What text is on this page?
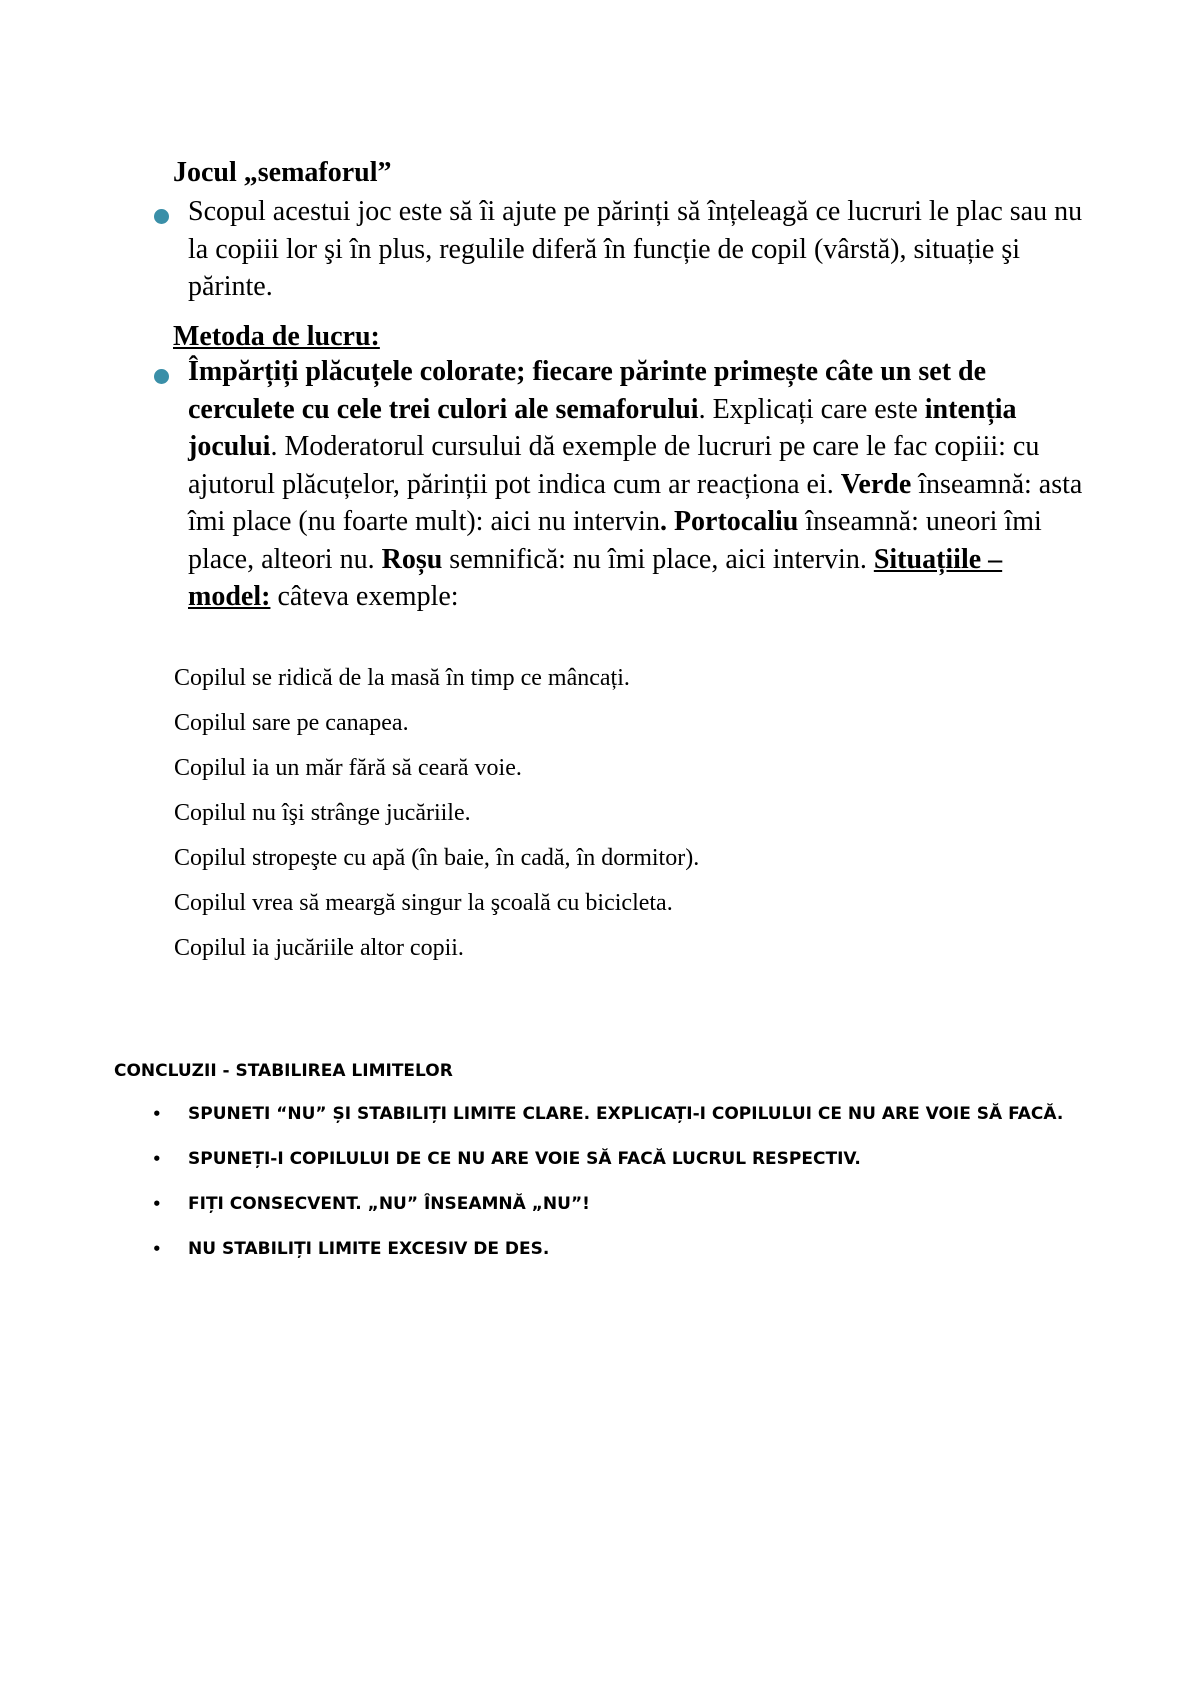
Jocul „semaforul”
Scopul acestui joc este să îi ajute pe părinți să înțeleagă ce lucruri le plac sau nu la copiii lor şi în plus, regulile diferă în funcție de copil (vârstă), situație şi părinte.
Metoda de lucru:
Împărțiți plăcuțele colorate; fiecare părinte primește câte un set de cerculete cu cele trei culori ale semaforului. Explicați care este intenția jocului. Moderatorul cursului dă exemple de lucruri pe care le fac copiii: cu ajutorul plăcuțelor, părinții pot indica cum ar reacționa ei. Verde înseamnă: asta îmi place (nu foarte mult): aici nu intervin. Portocaliu înseamnă: uneori îmi place, alteori nu. Roșu semnifică: nu îmi place, aici intervin. Situațiile – model: câteva exemple:
Copilul se ridică de la masă în timp ce mâncați.
Copilul sare pe canapea.
Copilul ia un măr fără să ceară voie.
Copilul nu îşi strânge jucăriile.
Copilul stropeşte cu apă (în baie, în cadă, în dormitor).
Copilul vrea să meargă singur la şcoală cu bicicleta.
Copilul ia jucăriile altor copii.
CONCLUZII - STABILIREA LIMITELOR
• SPUNETI “NU” ȘI STABILIȚI LIMITE CLARE. EXPLICAȚI-I COPILULUI CE NU ARE VOIE SĂ FACĂ.
• SPUNEȚI-I COPILULUI DE CE NU ARE VOIE SĂ FACĂ LUCRUL RESPECTIV.
• FIȚI CONSECVENT. „NU” ÎNSEAMNĂ „NU”!
• NU STABILIȚI LIMITE EXCESIV DE DES.
